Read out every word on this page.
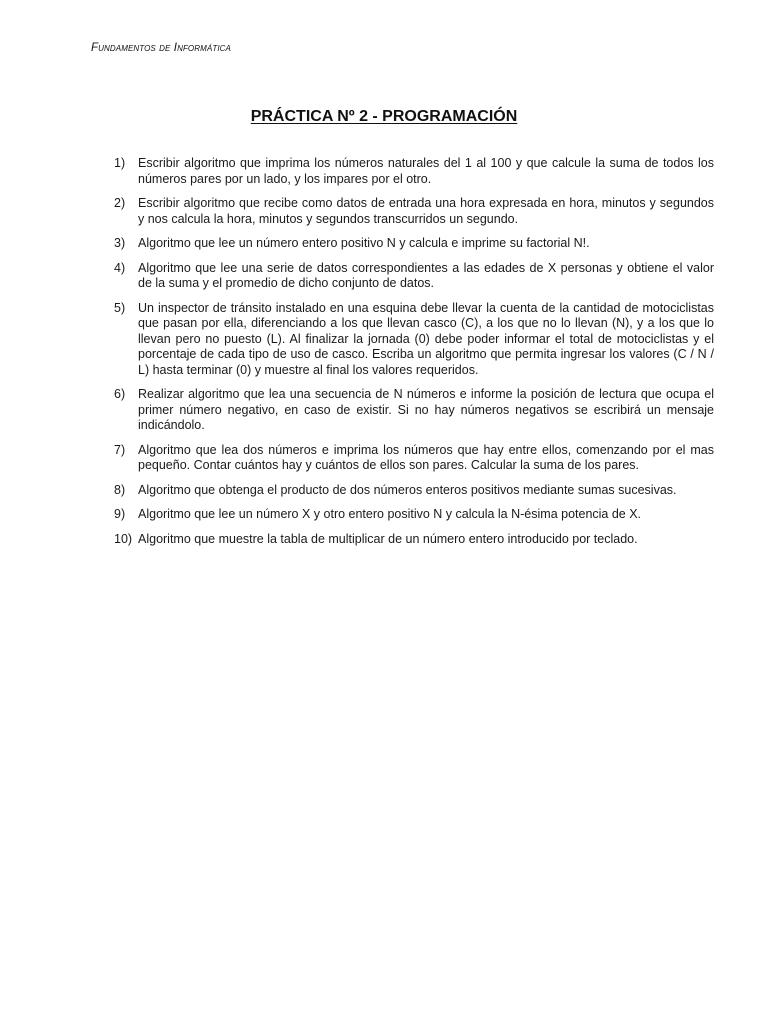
Fundamentos de Informática
PRÁCTICA Nº 2 - PROGRAMACIÓN
1)	Escribir algoritmo que imprima los números naturales del 1 al 100 y que calcule la suma de todos los números pares por un lado, y los impares por el otro.
2)	Escribir algoritmo que recibe como datos de entrada una hora expresada en hora, minutos y segundos y nos calcula la hora, minutos y segundos transcurridos un segundo.
3)	Algoritmo que lee un número entero positivo N y calcula e imprime su factorial N!.
4)	Algoritmo que lee una serie de datos correspondientes a las edades de X personas y obtiene el valor de la suma y el promedio de dicho conjunto de datos.
5)	Un inspector de tránsito instalado en una esquina debe llevar la cuenta de la cantidad de motociclistas que pasan por ella, diferenciando a los que llevan casco (C), a los que no lo llevan (N), y a los que lo llevan pero no puesto (L). Al finalizar la jornada (0) debe poder informar el total de motociclistas y el porcentaje de cada tipo de uso de casco. Escriba un algoritmo que permita ingresar los valores (C / N / L) hasta terminar (0) y muestre al final los valores requeridos.
6)	Realizar algoritmo que lea una secuencia de N números e informe la posición de lectura que ocupa el primer número negativo, en caso de existir. Si no hay números negativos se escribirá un mensaje indicándolo.
7)	Algoritmo que lea dos números e imprima los números que hay entre ellos, comenzando por el mas pequeño. Contar cuántos hay y cuántos de ellos son pares. Calcular la suma de los pares.
8)	Algoritmo que obtenga el producto de dos números enteros positivos mediante sumas sucesivas.
9)	Algoritmo que lee un número X y otro entero positivo N y calcula la N-ésima potencia de X.
10) Algoritmo que muestre la tabla de multiplicar de un número entero introducido por teclado.
